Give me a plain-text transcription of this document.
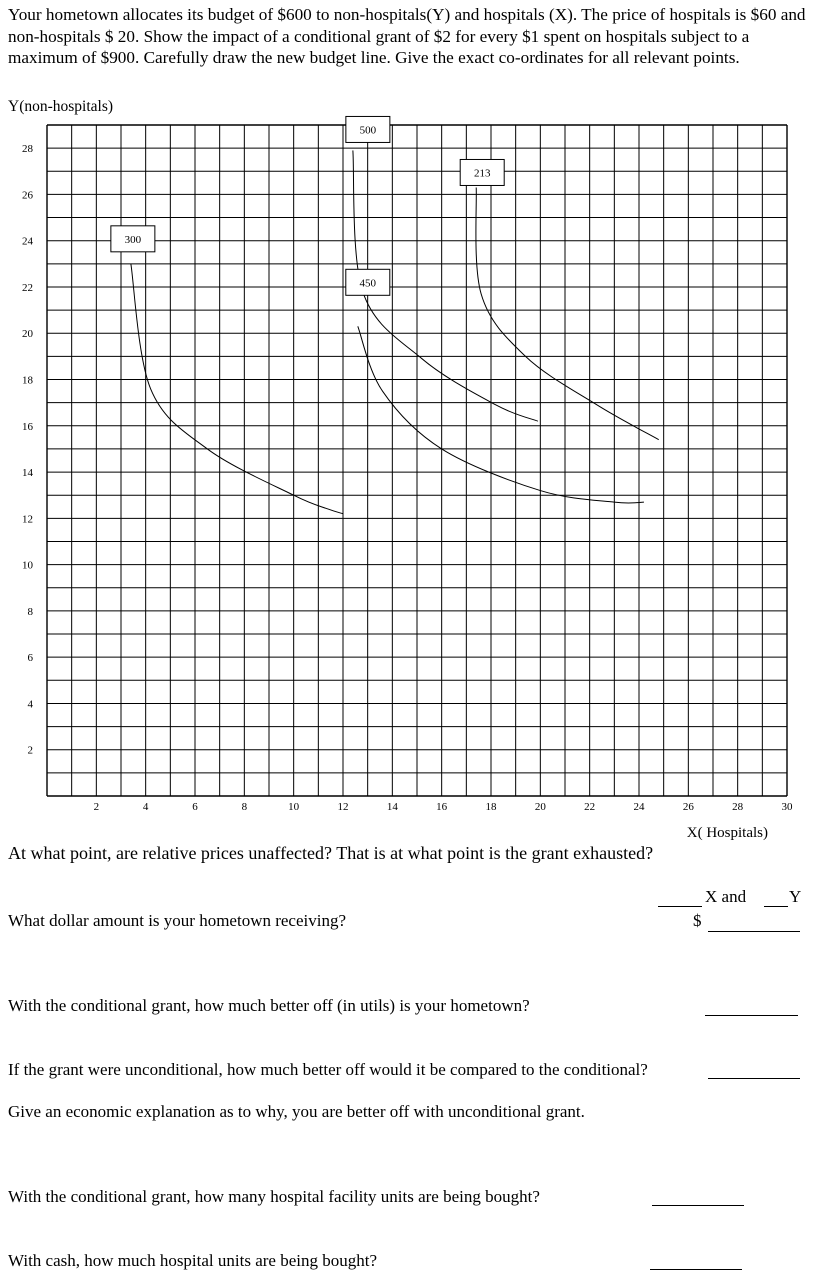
Your hometown allocates its budget of $600 to non-hospitals(Y) and hospitals (X). The price of hospitals is $60 and non-hospitals $ 20. Show the impact of a conditional grant of $2 for every $1 spent on hospitals subject to a maximum of $900. Carefully draw the new budget line. Give the exact co-ordinates for all relevant points.
Y(non-hospitals)
28
26
24
22
20
18
16
14
12
10
8
6
4
2
2	4	6	8	10	12	14	16	18	20	22	24	26	28	30
300
450
500
213
X( Hospitals)
At what point, are relative prices unaffected? That is at what point is the grant exhausted?
X and	Y
What dollar amount is your hometown receiving?	$
With the conditional grant, how much better off (in utils) is your hometown?
If the grant were unconditional, how much better off would it be compared to the conditional?
Give an economic explanation as to why, you are better off with unconditional grant.
With the conditional grant, how many hospital facility units are being bought?
With cash, how much hospital units are being bought?
